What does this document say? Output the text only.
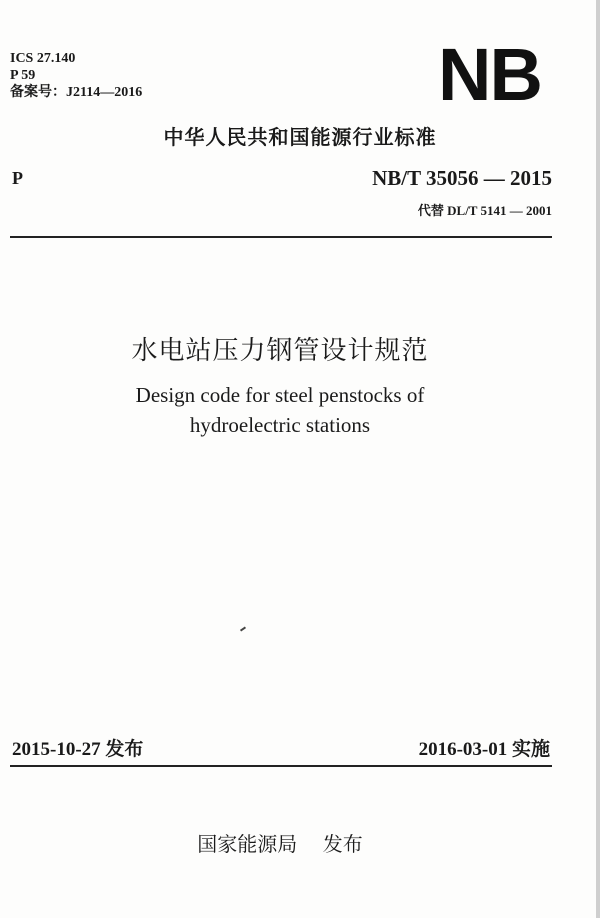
ICS 27.140
P 59
备案号：J2114—2016	NB
中华人民共和国能源行业标准
P	NB/T 35056 — 2015
代替 DL/T 5141 — 2001
水电站压力钢管设计规范
Design code for steel penstocks of
hydroelectric stations
2015-10-27 发布	2016-03-01 实施
国家能源局    发布
